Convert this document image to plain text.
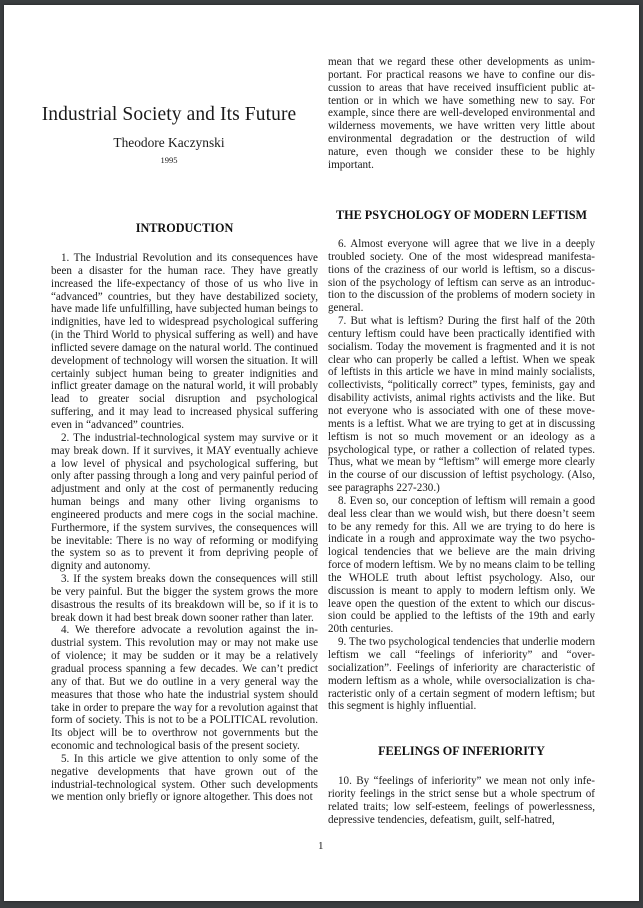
Industrial Society and Its Future
Theodore Kaczynski
1995
INTRODUCTION

1. The Industrial Revolution and its consequences have been a disaster for the human race. They have greatly increased the life-expectancy of those of us who live in “advanced” countries, but they have destabilized society, have made life unfulfilling, have subjected human beings to indignities, have led to widespread psychological suffering (in the Third World to physical suffering as well) and have inflicted severe damage on the natural world. The continued development of technology will worsen the situation. It will certainly subject human being to greater indignities and inflict greater damage on the natural world, it will probably lead to greater social disruption and psychological suffering, and it may lead to increased physical suffering even in “advanced” countries.

2. The industrial-technological system may survive or it may break down. If it survives, it MAY eventually achieve a low level of physical and psychological suffering, but only after passing through a long and very painful period of adjustment and only at the cost of permanently reducing human beings and many other living organisms to engineered products and mere cogs in the social machine. Furthermore, if the system survives, the consequences will be inevitable: There is no way of reforming or modifying the system so as to prevent it from depriving people of dignity and autonomy.

3. If the system breaks down the consequences will still be very painful. But the bigger the system grows the more disastrous the results of its breakdown will be, so if it is to break down it had best break down sooner rather than later.

4. We therefore advocate a revolution against the industrial system. This revolution may or may not make use of violence; it may be sudden or it may be a relatively gradual process spanning a few decades. We can’t predict any of that. But we do outline in a very general way the measures that those who hate the industrial system should take in order to prepare the way for a revolution against that form of society. This is not to be a POLITICAL revolution. Its object will be to overthrow not governments but the economic and technological basis of the present society.

5. In this article we give attention to only some of the negative developments that have grown out of the industrial-technological system. Other such developments we mention only briefly or ignore altogether. This does not

mean that we regard these other developments as unimportant. For practical reasons we have to confine our discussion to areas that have received insufficient public attention or in which we have something new to say. For example, since there are well-developed environmental and wilderness movements, we have written very little about environmental degradation or the destruction of wild nature, even though we consider these to be highly important.

THE PSYCHOLOGY OF MODERN LEFTISM

6. Almost everyone will agree that we live in a deeply troubled society. One of the most widespread manifestations of the craziness of our world is leftism, so a discussion of the psychology of leftism can serve as an introduction to the discussion of the problems of modern society in general.

7. But what is leftism? During the first half of the 20th century leftism could have been practically identified with socialism. Today the movement is fragmented and it is not clear who can properly be called a leftist. When we speak of leftists in this article we have in mind mainly socialists, collectivists, “politically correct” types, feminists, gay and disability activists, animal rights activists and the like. But not everyone who is associated with one of these movements is a leftist. What we are trying to get at in discussing leftism is not so much movement or an ideology as a psychological type, or rather a collection of related types. Thus, what we mean by “leftism” will emerge more clearly in the course of our discussion of leftist psychology. (Also, see paragraphs 227-230.)

8. Even so, our conception of leftism will remain a good deal less clear than we would wish, but there doesn’t seem to be any remedy for this. All we are trying to do here is indicate in a rough and approximate way the two psychological tendencies that we believe are the main driving force of modern leftism. We by no means claim to be telling the WHOLE truth about leftist psychology. Also, our discussion is meant to apply to modern leftism only. We leave open the question of the extent to which our discussion could be applied to the leftists of the 19th and early 20th centuries.

9. The two psychological tendencies that underlie modern leftism we call “feelings of inferiority” and “oversocialization”. Feelings of inferiority are characteristic of modern leftism as a whole, while oversocialization is characteristic only of a certain segment of modern leftism; but this segment is highly influential.

FEELINGS OF INFERIORITY

10. By “feelings of inferiority” we mean not only inferiority feelings in the strict sense but a whole spectrum of related traits; low self-esteem, feelings of powerlessness, depressive tendencies, defeatism, guilt, self-hatred,

1
